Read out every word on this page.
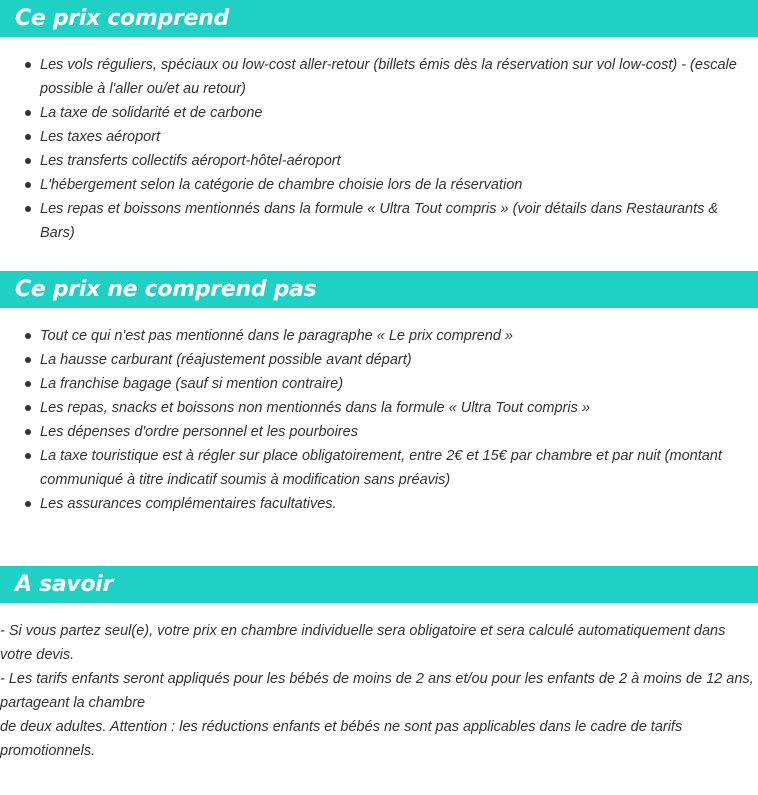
Ce prix comprend
Les vols réguliers, spéciaux ou low-cost aller-retour (billets émis dès la réservation sur vol low-cost) - (escale possible à l'aller ou/et au retour)
La taxe de solidarité et de carbone
Les taxes aéroport
Les transferts collectifs aéroport-hôtel-aéroport
L'hébergement selon la catégorie de chambre choisie lors de la réservation
Les repas et boissons mentionnés dans la formule « Ultra Tout compris » (voir détails dans Restaurants & Bars)
Ce prix ne comprend pas
Tout ce qui n'est pas mentionné dans le paragraphe « Le prix comprend »
La hausse carburant (réajustement possible avant départ)
La franchise bagage (sauf si mention contraire)
Les repas, snacks et boissons non mentionnés dans la formule « Ultra Tout compris »
Les dépenses d'ordre personnel et les pourboires
La taxe touristique est à régler sur place obligatoirement, entre 2€ et 15€ par chambre et par nuit (montant communiqué à titre indicatif soumis à modification sans préavis)
Les assurances complémentaires facultatives.
A savoir

- Si vous partez seul(e), votre prix en chambre individuelle sera obligatoire et sera calculé automatiquement dans votre devis.

- Les tarifs enfants seront appliqués pour les bébés de moins de 2 ans et/ou pour les enfants de 2 à moins de 12 ans, partageant la chambre

de deux adultes. Attention : les réductions enfants et bébés ne sont pas applicables dans le cadre de tarifs promotionnels.
